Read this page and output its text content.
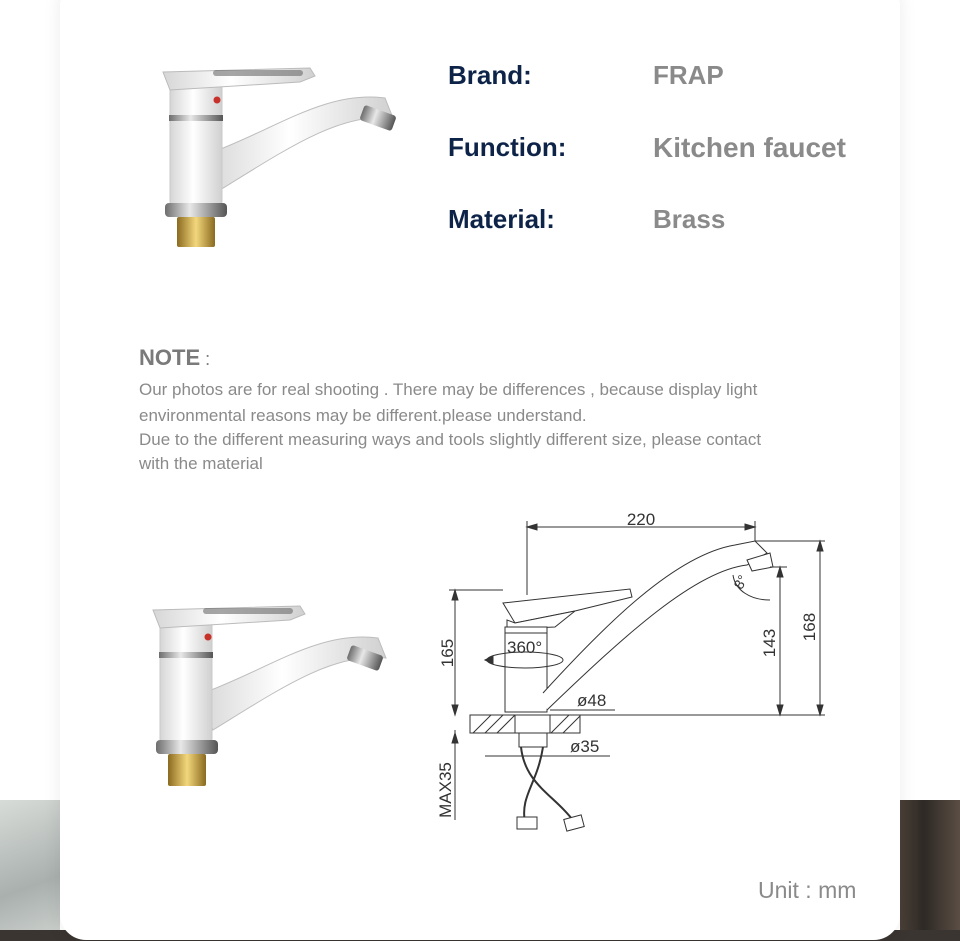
Brand:	FRAP
Function:	Kitchen faucet
Material:	Brass
NOTE :
Our photos are for real shooting . There may be differences , because display light
environmental reasons may be different.please understand.
Due to the different measuring ways and tools slightly different size, please contact
with the material
220
360°
8°
165	143
168
ø48
ø35
MAX35
Unit : mm
